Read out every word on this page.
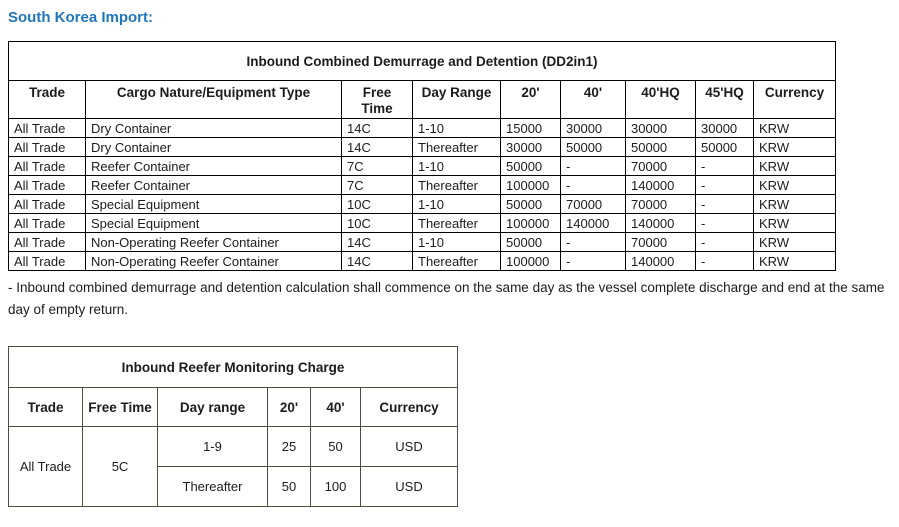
South Korea Import:

Inbound Combined Demurrage and Detention (DD2in1)								
Trade	Cargo Nature/Equipment Type	Free Time	Day Range	20'	40'	40'HQ	45'HQ	Currency
All Trade	Dry Container	14C	1-10	15000	30000	30000	30000	KRW
All Trade	Dry Container	14C	Thereafter	30000	50000	50000	50000	KRW
All Trade	Reefer Container	7C	1-10	50000	-	70000	-	KRW
All Trade	Reefer Container	7C	Thereafter	100000	-	140000	-	KRW
All Trade	Special Equipment	10C	1-10	50000	70000	70000	-	KRW
All Trade	Special Equipment	10C	Thereafter	100000	140000	140000	-	KRW
All Trade	Non-Operating Reefer Container	14C	1-10	50000	-	70000	-	KRW
All Trade	Non-Operating Reefer Container	14C	Thereafter	100000	-	140000	-	KRW

- Inbound combined demurrage and detention calculation shall commence on the same day as the vessel complete discharge and end at the same day of empty return.

Inbound Reefer Monitoring Charge					
Trade	Free Time	Day range	20'	40'	Currency
All Trade	5C	1-9	25	50	USD
		Thereafter	50	100	USD
